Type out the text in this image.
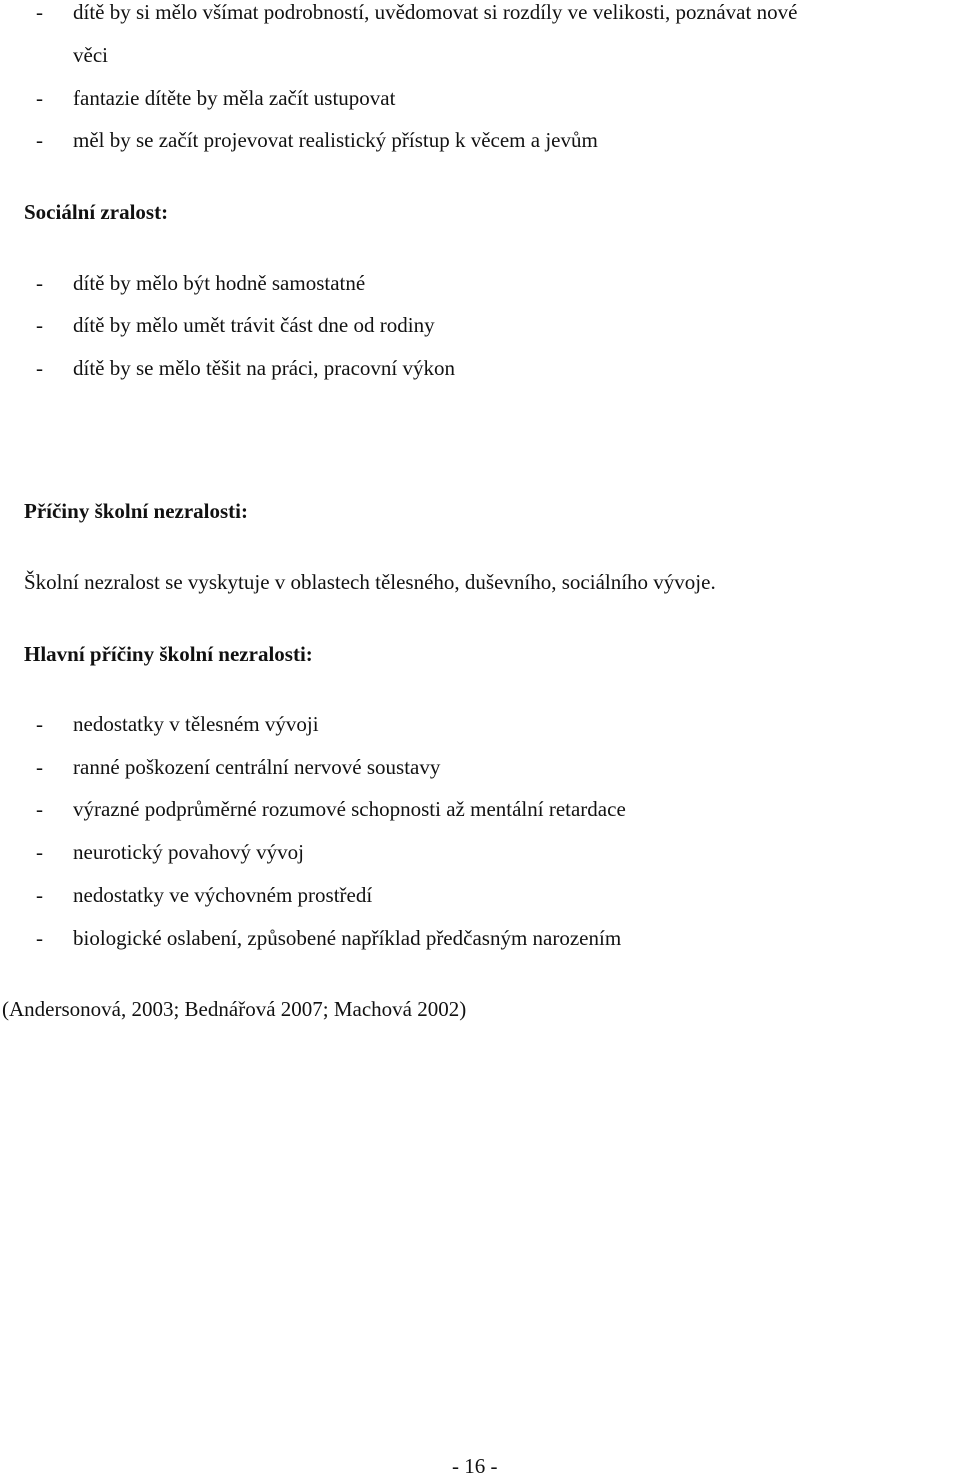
- dítě by si mělo všímat podrobností, uvědomovat si rozdíly ve velikosti, poznávat nové
věci
- fantazie dítěte by měla začít ustupovat
- měl by se začít projevovat realistický přístup k věcem a jevům
Sociální zralost:
- dítě by mělo být hodně samostatné
- dítě by mělo umět trávit část dne od rodiny
- dítě by se mělo těšit na práci, pracovní výkon
Příčiny školní nezralosti:
Školní nezralost se vyskytuje v oblastech tělesného, duševního, sociálního vývoje.
Hlavní příčiny školní nezralosti:
- nedostatky v tělesném vývoji
- ranné poškození centrální nervové soustavy
- výrazné podprůměrné rozumové schopnosti až mentální retardace
- neurotický povahový vývoj
- nedostatky ve výchovném prostředí
- biologické oslabení, způsobené například předčasným narozením
(Andersonová, 2003; Bednářová 2007; Machová 2002)
- 16 -
